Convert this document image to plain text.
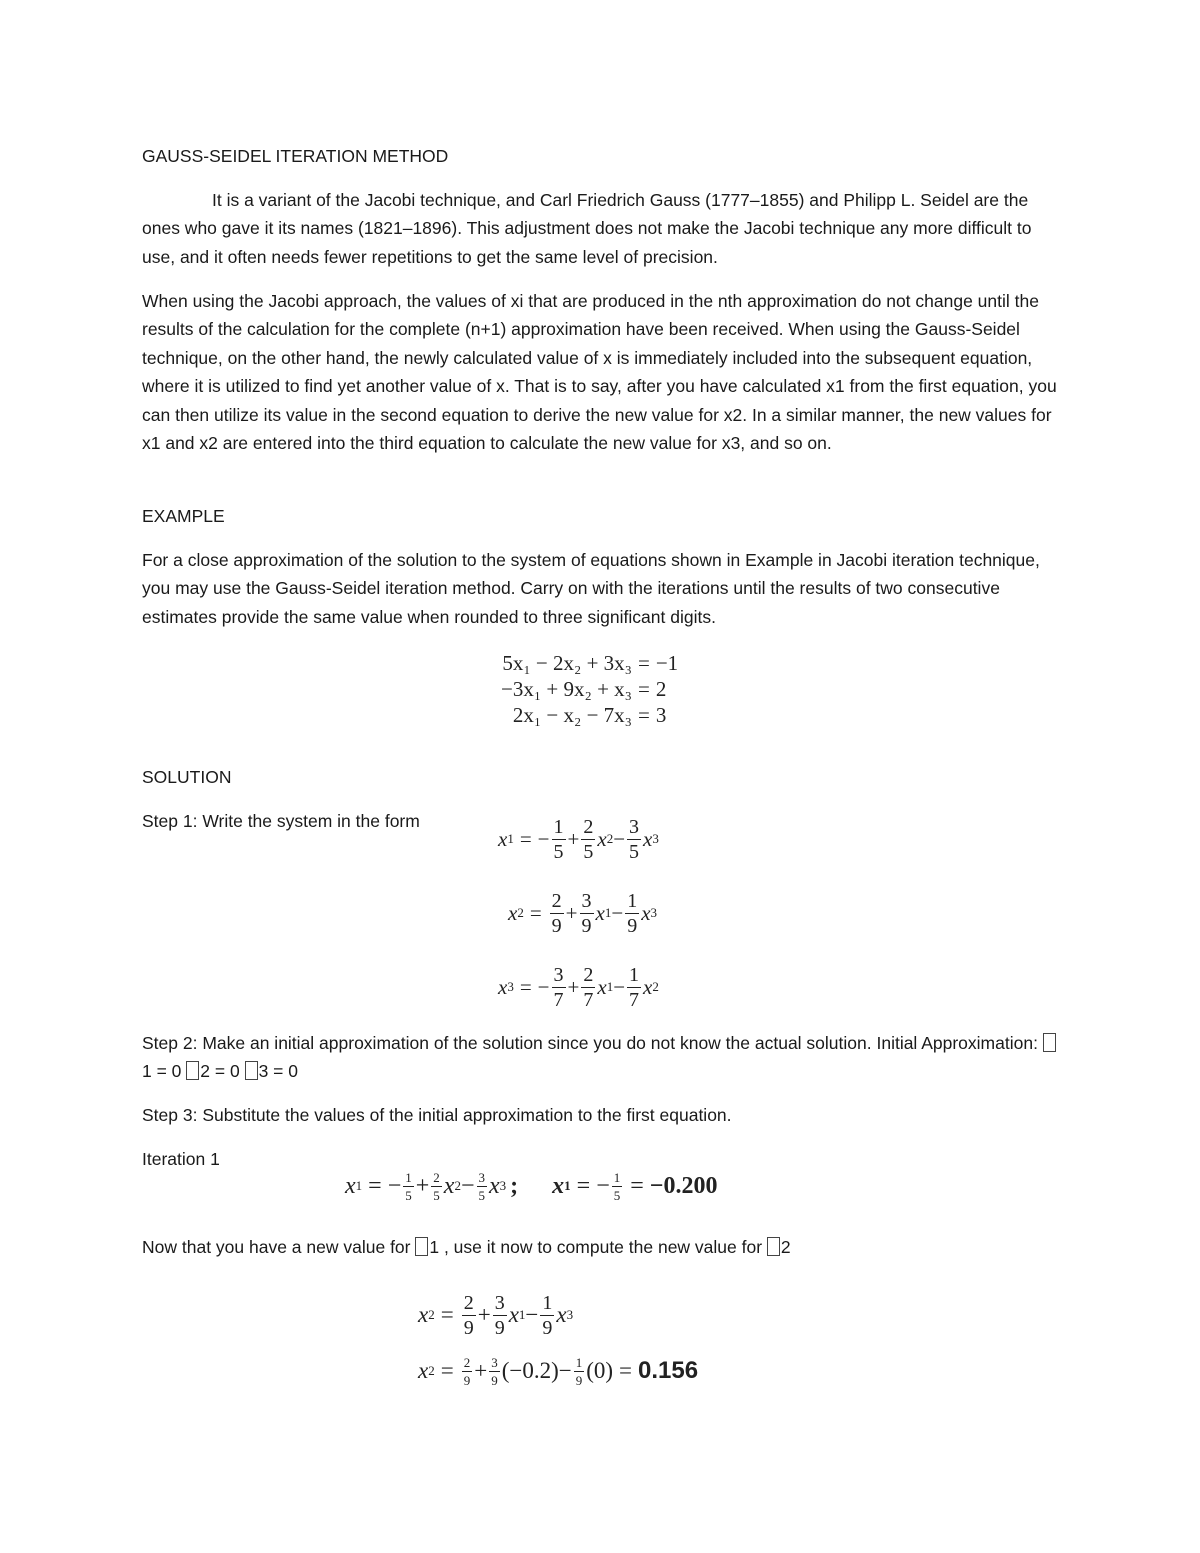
GAUSS-SEIDEL ITERATION METHOD

It is a variant of the Jacobi technique, and Carl Friedrich Gauss (1777–1855) and Philipp L. Seidel are the ones who gave it its names (1821–1896). This adjustment does not make the Jacobi technique any more difficult to use, and it often needs fewer repetitions to get the same level of precision.

When using the Jacobi approach, the values of xi that are produced in the nth approximation do not change until the results of the calculation for the complete (n+1) approximation have been received. When using the Gauss-Seidel technique, on the other hand, the newly calculated value of x is immediately included into the subsequent equation, where it is utilized to find yet another value of x. That is to say, after you have calculated x1 from the first equation, you can then utilize its value in the second equation to derive the new value for x2. In a similar manner, the new values for x1 and x2 are entered into the third equation to calculate the new value for x3, and so on.

EXAMPLE

For a close approximation of the solution to the system of equations shown in Example in Jacobi iteration technique, you may use the Gauss-Seidel iteration method. Carry on with the iterations until the results of two consecutive estimates provide the same value when rounded to three significant digits.

5x₁ − 2x₂ + 3x₃ = −1
−3x₁ + 9x₂ + x₃ = 2
2x₁ − x₂ − 7x₃ = 3

SOLUTION

Step 1: Write the system in the form

x 1 = − $\frac{1}{5} + \frac{2}{5}$ x $2 - \frac{3}{5}$ x 3
x $2 = \frac{2}{9} + \frac{3}{9}$ x $1 - \frac{1}{9}$ x 3
x 3 = − $\frac{3}{7} + \frac{2}{7}$ x $1 - \frac{1}{7}$ x 2

Step 2: Make an initial approximation of the solution since you do not know the actual solution. Initial Approximation: 1 = 0 2 = 0 3 = 0

Step 3: Substitute the values of the initial approximation to the first equation.

Iteration 1

x 1 = − $\frac{1}{5} + \frac{2}{5}$ x $2 - \frac{3}{5}$ x 3 ; x 1 = − $\frac{1}{5} = -0.200$

Now that you have a new value for 1 , use it now to compute the new value for 2

x $2 = \frac{2}{9} + \frac{3}{9}$ x $1 - \frac{1}{9}$ x 3
x $2 = \frac{2}{9} + \frac{3}{9} (-0.2) - \frac{1}{9} (0) = 0.156$
